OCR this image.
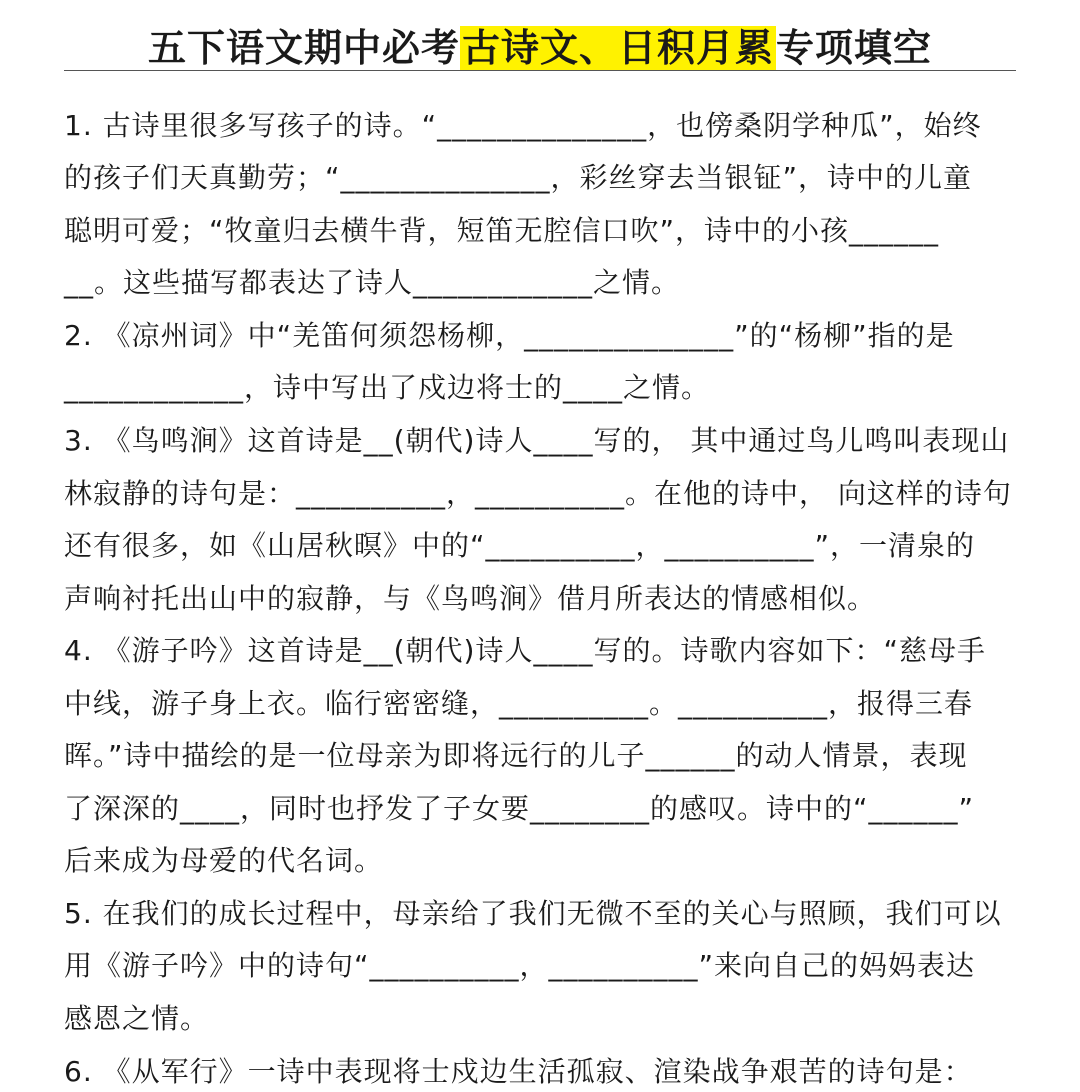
五下语文期中必考古诗文、日积月累专项填空
1. 古诗里很多写孩子的诗。“______________，也傍桑阴学种瓜”，始终
的孩子们天真勤劳；“______________，彩丝穿去当银钲”，诗中的儿童
聪明可爱；“牧童归去横牛背，短笛无腔信口吹”，诗中的小孩______
__。这些描写都表达了诗人____________之情。
2. 《凉州词》中“羌笛何须怨杨柳，______________”的“杨柳”指的是
____________，诗中写出了戍边将士的____之情。
3. 《鸟鸣涧》这首诗是__(朝代)诗人____写的， 其中通过鸟儿鸣叫表现山
林寂静的诗句是：__________，__________。在他的诗中， 向这样的诗句
还有很多，如《山居秋暝》中的“__________，__________”，一清泉的
声响衬托出山中的寂静，与《鸟鸣涧》借月所表达的情感相似。
4. 《游子吟》这首诗是__(朝代)诗人____写的。诗歌内容如下：“慈母手
中线，游子身上衣。临行密密缝，__________。__________，报得三春
晖。”诗中描绘的是一位母亲为即将远行的儿子______的动人情景，表现
了深深的____，同时也抒发了子女要________的感叹。诗中的“______”
后来成为母爱的代名词。
5. 在我们的成长过程中，母亲给了我们无微不至的关心与照顾，我们可以
用《游子吟》中的诗句“__________，__________”来向自己的妈妈表达
感恩之情。
6. 《从军行》一诗中表现将士戍边生活孤寂、渲染战争艰苦的诗句是：
